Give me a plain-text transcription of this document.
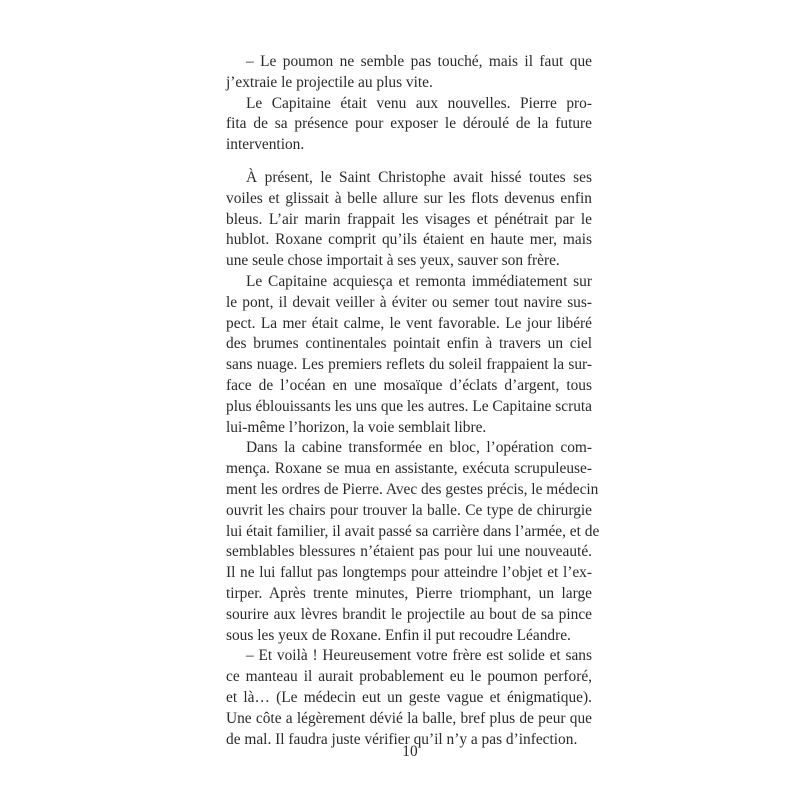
– Le poumon ne semble pas touché, mais il faut que
j’extraie le projectile au plus vite.
Le Capitaine était venu aux nouvelles. Pierre pro-
fita de sa présence pour exposer le déroulé de la future
intervention.
À présent, le Saint Christophe avait hissé toutes ses
voiles et glissait à belle allure sur les flots devenus enfin
bleus. L’air marin frappait les visages et pénétrait par le
hublot. Roxane comprit qu’ils étaient en haute mer, mais
une seule chose importait à ses yeux, sauver son frère.
Le Capitaine acquiesça et remonta immédiatement sur
le pont, il devait veiller à éviter ou semer tout navire sus-
pect. La mer était calme, le vent favorable. Le jour libéré
des brumes continentales pointait enfin à travers un ciel
sans nuage. Les premiers reflets du soleil frappaient la sur-
face de l’océan en une mosaïque d’éclats d’argent, tous
plus éblouissants les uns que les autres. Le Capitaine scruta
lui-même l’horizon, la voie semblait libre.
Dans la cabine transformée en bloc, l’opération com-
mença. Roxane se mua en assistante, exécuta scrupuleuse-
ment les ordres de Pierre. Avec des gestes précis, le médecin
ouvrit les chairs pour trouver la balle. Ce type de chirurgie
lui était familier, il avait passé sa carrière dans l’armée, et de
semblables blessures n’étaient pas pour lui une nouveauté.
Il ne lui fallut pas longtemps pour atteindre l’objet et l’ex-
tirper. Après trente minutes, Pierre triomphant, un large
sourire aux lèvres brandit le projectile au bout de sa pince
sous les yeux de Roxane. Enfin il put recoudre Léandre.
– Et voilà ! Heureusement votre frère est solide et sans
ce manteau il aurait probablement eu le poumon perforé,
et là… (Le médecin eut un geste vague et énigmatique).
Une côte a légèrement dévié la balle, bref plus de peur que
de mal. Il faudra juste vérifier qu’il n’y a pas d’infection.
10
